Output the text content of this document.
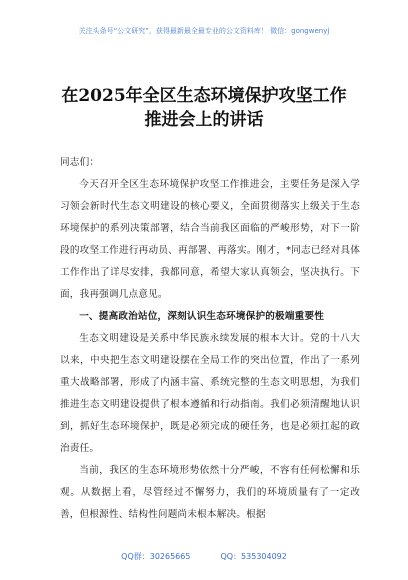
关注头条号“公文研究”，获得最新最全最专业的公文资料库！ 微信：gongwenyj
在2025年全区生态环境保护攻坚工作
推进会上的讲话

同志们：

今天召开全区生态环境保护攻坚工作推进会，主要任务是深入学习领会新时代生态文明建设的核心要义，全面贯彻落实上级关于生态环境保护的系列决策部署，结合当前我区面临的严峻形势，对下一阶段的攻坚工作进行再动员、再部署、再落实。刚才，*同志已经对具体工作作出了详尽安排，我都同意，希望大家认真领会，坚决执行。下面，我再强调几点意见。

一、提高政治站位，深刻认识生态环境保护的极端重要性

生态文明建设是关系中华民族永续发展的根本大计。党的十八大以来，中央把生态文明建设摆在全局工作的突出位置，作出了一系列重大战略部署，形成了内涵丰富、系统完整的生态文明思想，为我们推进生态文明建设提供了根本遵循和行动指南。我们必须清醒地认识到，抓好生态环境保护，既是必须完成的硬任务，也是必须扛起的政治责任。

当前，我区的生态环境形势依然十分严峻，不容有任何松懈和乐观。从数据上看，尽管经过不懈努力，我们的环境质量有了一定改善，但根源性、结构性问题尚未根本解决。根据

QQ群：30265665	QQ：535304092
